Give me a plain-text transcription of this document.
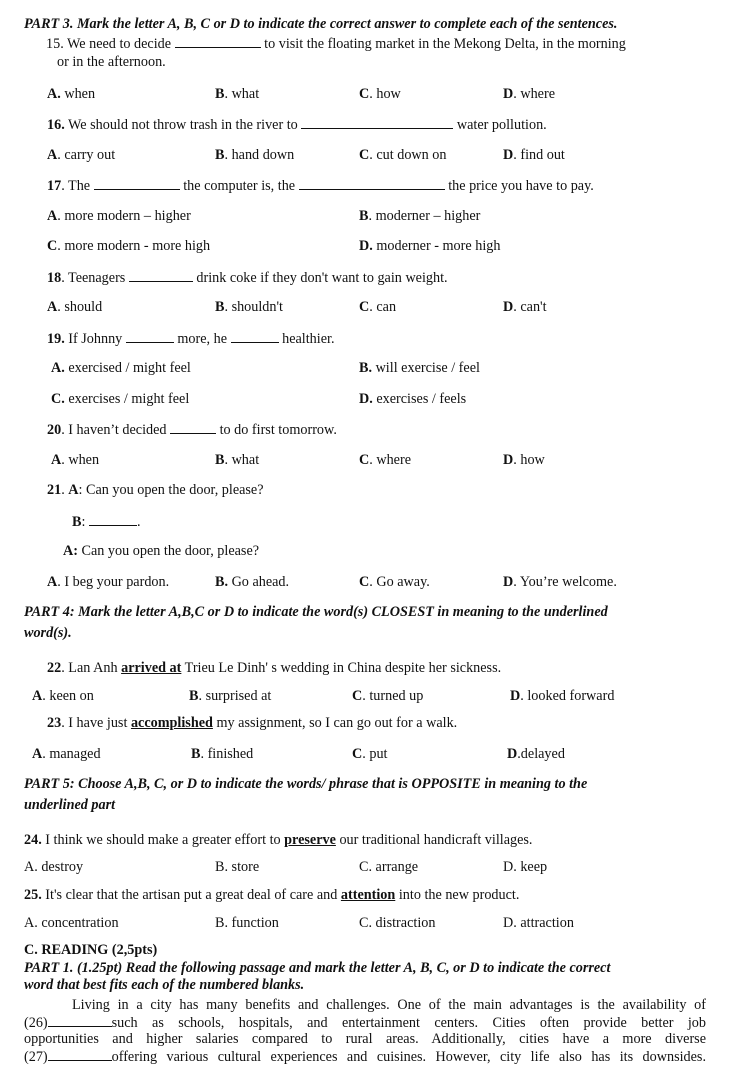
PART 3. Mark the letter A, B, C or D to indicate the correct answer to complete each of the sentences.
15. We need to decide	to visit the floating market in the Mekong Delta, in the morning
or in the afternoon.
A. when	B. what	C. how	D. where
16. We should not throw trash in the river to	water pollution.
A. carry out	B. hand down	C. cut down on	D. find out
17. The	the computer is, the	the price you have to pay.
A. more modern – higher	B. moderner – higher
C. more modern - more high	D. moderner - more high
18. Teenagers	drink coke if they don't want to gain weight.
A. should	B. shouldn't	C. can	D. can't
19. If Johnny	more, he	healthier.
A. exercised / might feel	B. will exercise / feel
C. exercises / might feel	D. exercises / feels
20. I haven’t decided	to do first tomorrow.
A. when	B. what	C. where	D. how
21. A: Can you open the door, please?
B:	.
A: Can you open the door, please?
A. I beg your pardon.	B. Go ahead.	C. Go away.	D. You’re welcome.
PART 4: Mark the letter A,B,C or D to indicate the word(s) CLOSEST in meaning to the underlined
word(s).
22. Lan Anh arrived at Trieu Le Dinh' s wedding in China despite her sickness.
A. keen on	B. surprised at	C. turned up	D. looked forward
23. I have just accomplished my assignment, so I can go out for a walk.
A. managed	B. finished	C. put	D.delayed
PART 5: Choose A,B, C, or D to indicate the words/ phrase that is OPPOSITE in meaning to the
underlined part
24. I think we should make a greater effort to preserve our traditional handicraft villages.
A. destroy	B. store	C. arrange	D. keep
25. It's clear that the artisan put a great deal of care and attention into the new product.
A. concentration	B. function	C. distraction	D. attraction
C. READING (2,5pts)
PART 1. (1.25pt) Read the following passage and mark the letter A, B, C, or D to indicate the correct
word that best fits each of the numbered blanks.
Living in a city has many benefits and challenges. One of the main advantages is the availability of
(26)	such as schools, hospitals, and entertainment centers. Cities often provide better job
opportunities and higher salaries compared to rural areas. Additionally, cities have a more diverse
(27)	offering various cultural experiences and cuisines. However, city life also has its downsides.
